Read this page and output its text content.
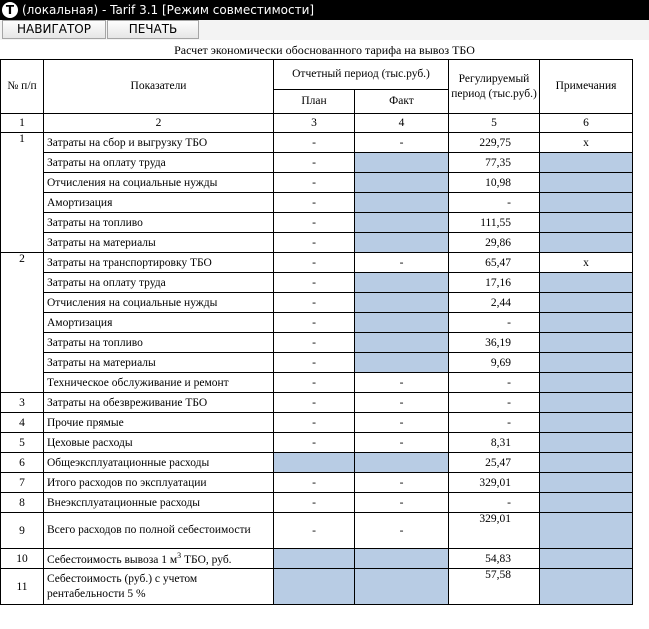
T (локальная) - Tarif 3.1 [Режим совместимости]
НАВИГАТОР	ПЕЧАТЬ
Расчет экономически обоснованного тарифа на вывоз ТБО
№ п/п	Показатели	Отчетный период (тыс.руб.)		Регулируемый период (тыс.руб.)	Примечания
		План	Факт		
1	2	3	4	5	6
1	Затраты на сбор и выгрузку ТБО	-	-	229,75	x
	Затраты на оплату труда	-		77,35	
	Отчисления на социальные нужды	-		10,98	
	Амортизация	-		-	
	Затраты на топливо	-		111,55	
	Затраты на материалы	-		29,86	
2	Затраты на транспортировку ТБО	-	-	65,47	x
	Затраты на оплату труда	-		17,16	
	Отчисления на социальные нужды	-		2,44	
	Амортизация	-		-	
	Затраты на топливо	-		36,19	
	Затраты на материалы	-		9,69	
	Техническое обслуживание и ремонт	-	-	-	
3	Затраты на обезвреживание ТБО	-	-	-	
4	Прочие прямые	-	-	-	
5	Цеховые расходы	-	-	8,31	
6	Общеэксплуатационные расходы			25,47	
7	Итого расходов по эксплуатации	-	-	329,01	
8	Внеэксплуатационные расходы	-	-	-	
9	Всего расходов по полной себестоимости	-	-	329,01	
10	Себестоимость вывоза 1 $м^3$ ТБО, руб.			54,83	
11	Себестоимость (руб.) с учетом рентабельности 5 %			57,58	
